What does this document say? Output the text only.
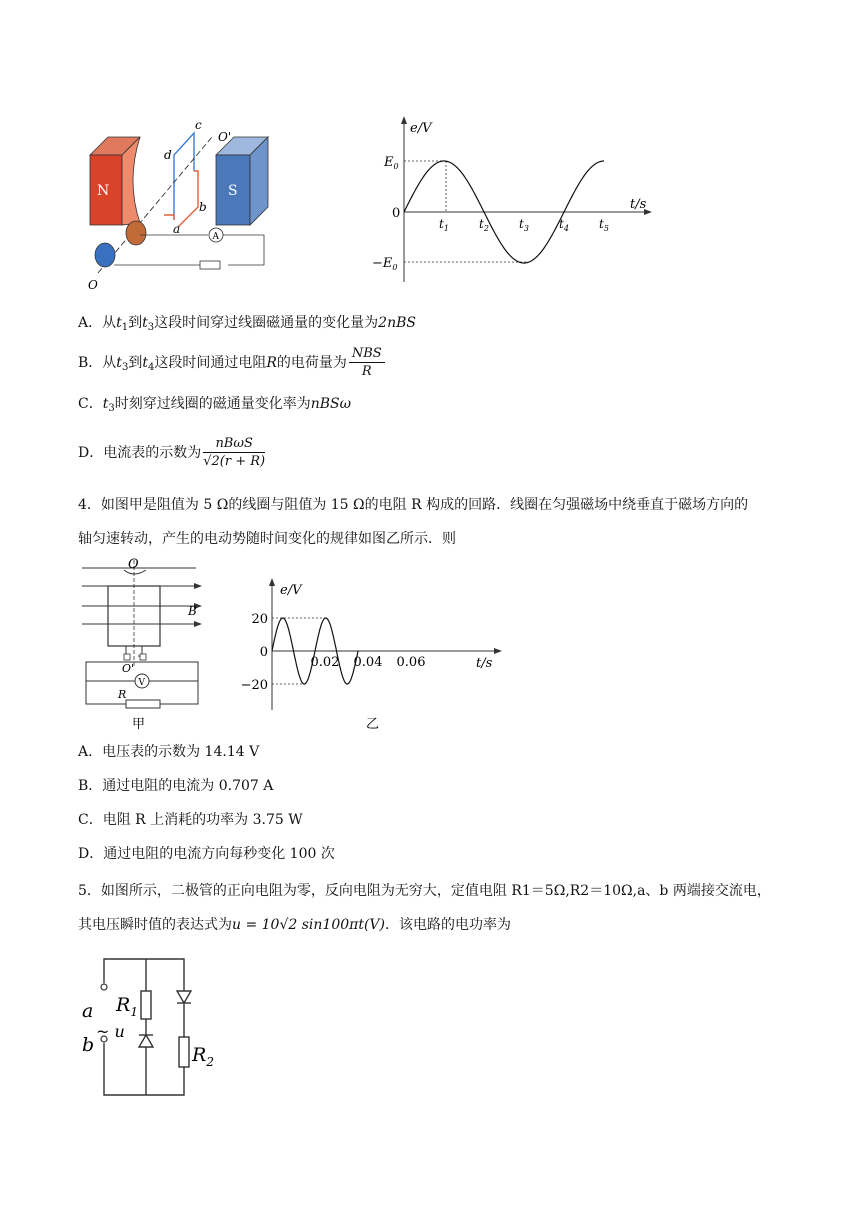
N	S
A
c
d
b
a
O
O'
e/V
t/s
$E_0$
$-E_0$
0
$t_1$	$t_2$	$t_3$	$t_4$	$t_5$
A．从$t_1$到$t_3$这段时间穿过线圈磁通量的变化量为2nBS
B．从$t_3$到$t_4$这段时间通过电阻R的电荷量为 $\frac{\text{NBS}}{R}$
C．$t_3$时刻穿过线圈的磁通量变化率为nBSω
D．电流表的示数为 $\frac{\text{nBωS}}{√2(r + R)}$
4．如图甲是阻值为 5 Ω的线圈与阻值为 15 Ω的电阻 R 构成的回路．线圈在匀强磁场中绕垂直于磁场方向的
轴匀速转动，产生的电动势随时间变化的规律如图乙所示．则
V
O
O'
B
R
甲
e/V
t/s
20
0
−20
0.02 0.04 0.06
乙
A．电压表的示数为 14.14 V
B．通过电阻的电流为 0.707 A
C．电阻 R 上消耗的功率为 3.75 W
D．通过电阻的电流方向每秒变化 100 次
5．如图所示，二极管的正向电阻为零，反向电阻为无穷大，定值电阻 R1＝5Ω,R2＝10Ω,a、b 两端接交流电，
其电压瞬时值的表达式为u = 10√2 sin100πt(V)．该电路的电功率为
a
b
~ u
$R_1$
$R_2$
